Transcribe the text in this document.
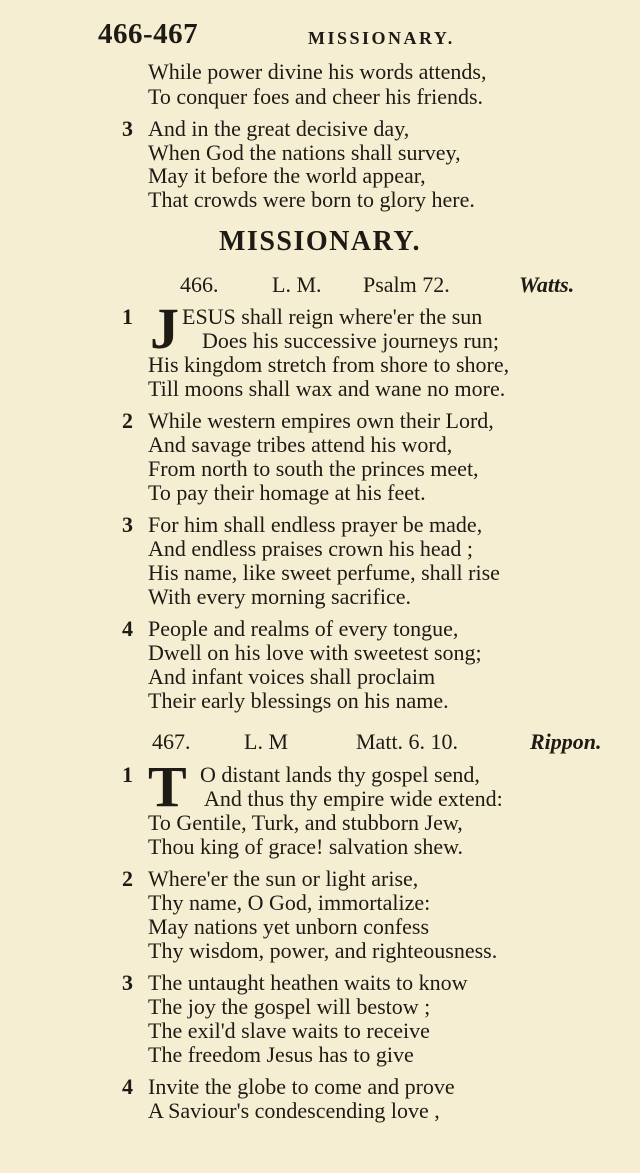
466-467	MISSIONARY.
While power divine his words attends,
To conquer foes and cheer his friends.
3 And in the great decisive day,
When God the nations shall survey,
May it before the world appear,
That crowds were born to glory here.
MISSIONARY.
466. L. M. Psalm 72.	Watts.
1 J ESUS shall reign where'er the sun
Does his successive journeys run;
His kingdom stretch from shore to shore,
Till moons shall wax and wane no more.
2 While western empires own their Lord,
And savage tribes attend his word,
From north to south the princes meet,
To pay their homage at his feet.
3 For him shall endless prayer be made,
And endless praises crown his head ;
His name, like sweet perfume, shall rise
With every morning sacrifice.
4 People and realms of every tongue,
Dwell on his love with sweetest song;
And infant voices shall proclaim
Their early blessings on his name.
467. L. M	Matt. 6. 10.	Rippon.
1 T O distant lands thy gospel send,
And thus thy empire wide extend:
To Gentile, Turk, and stubborn Jew,
Thou king of grace! salvation shew.
2 Where'er the sun or light arise,
Thy name, O God, immortalize:
May nations yet unborn confess
Thy wisdom, power, and righteousness.
3 The untaught heathen waits to know
The joy the gospel will bestow ;
The exil'd slave waits to receive
The freedom Jesus has to give
4 Invite the globe to come and prove
A Saviour's condescending love ,
